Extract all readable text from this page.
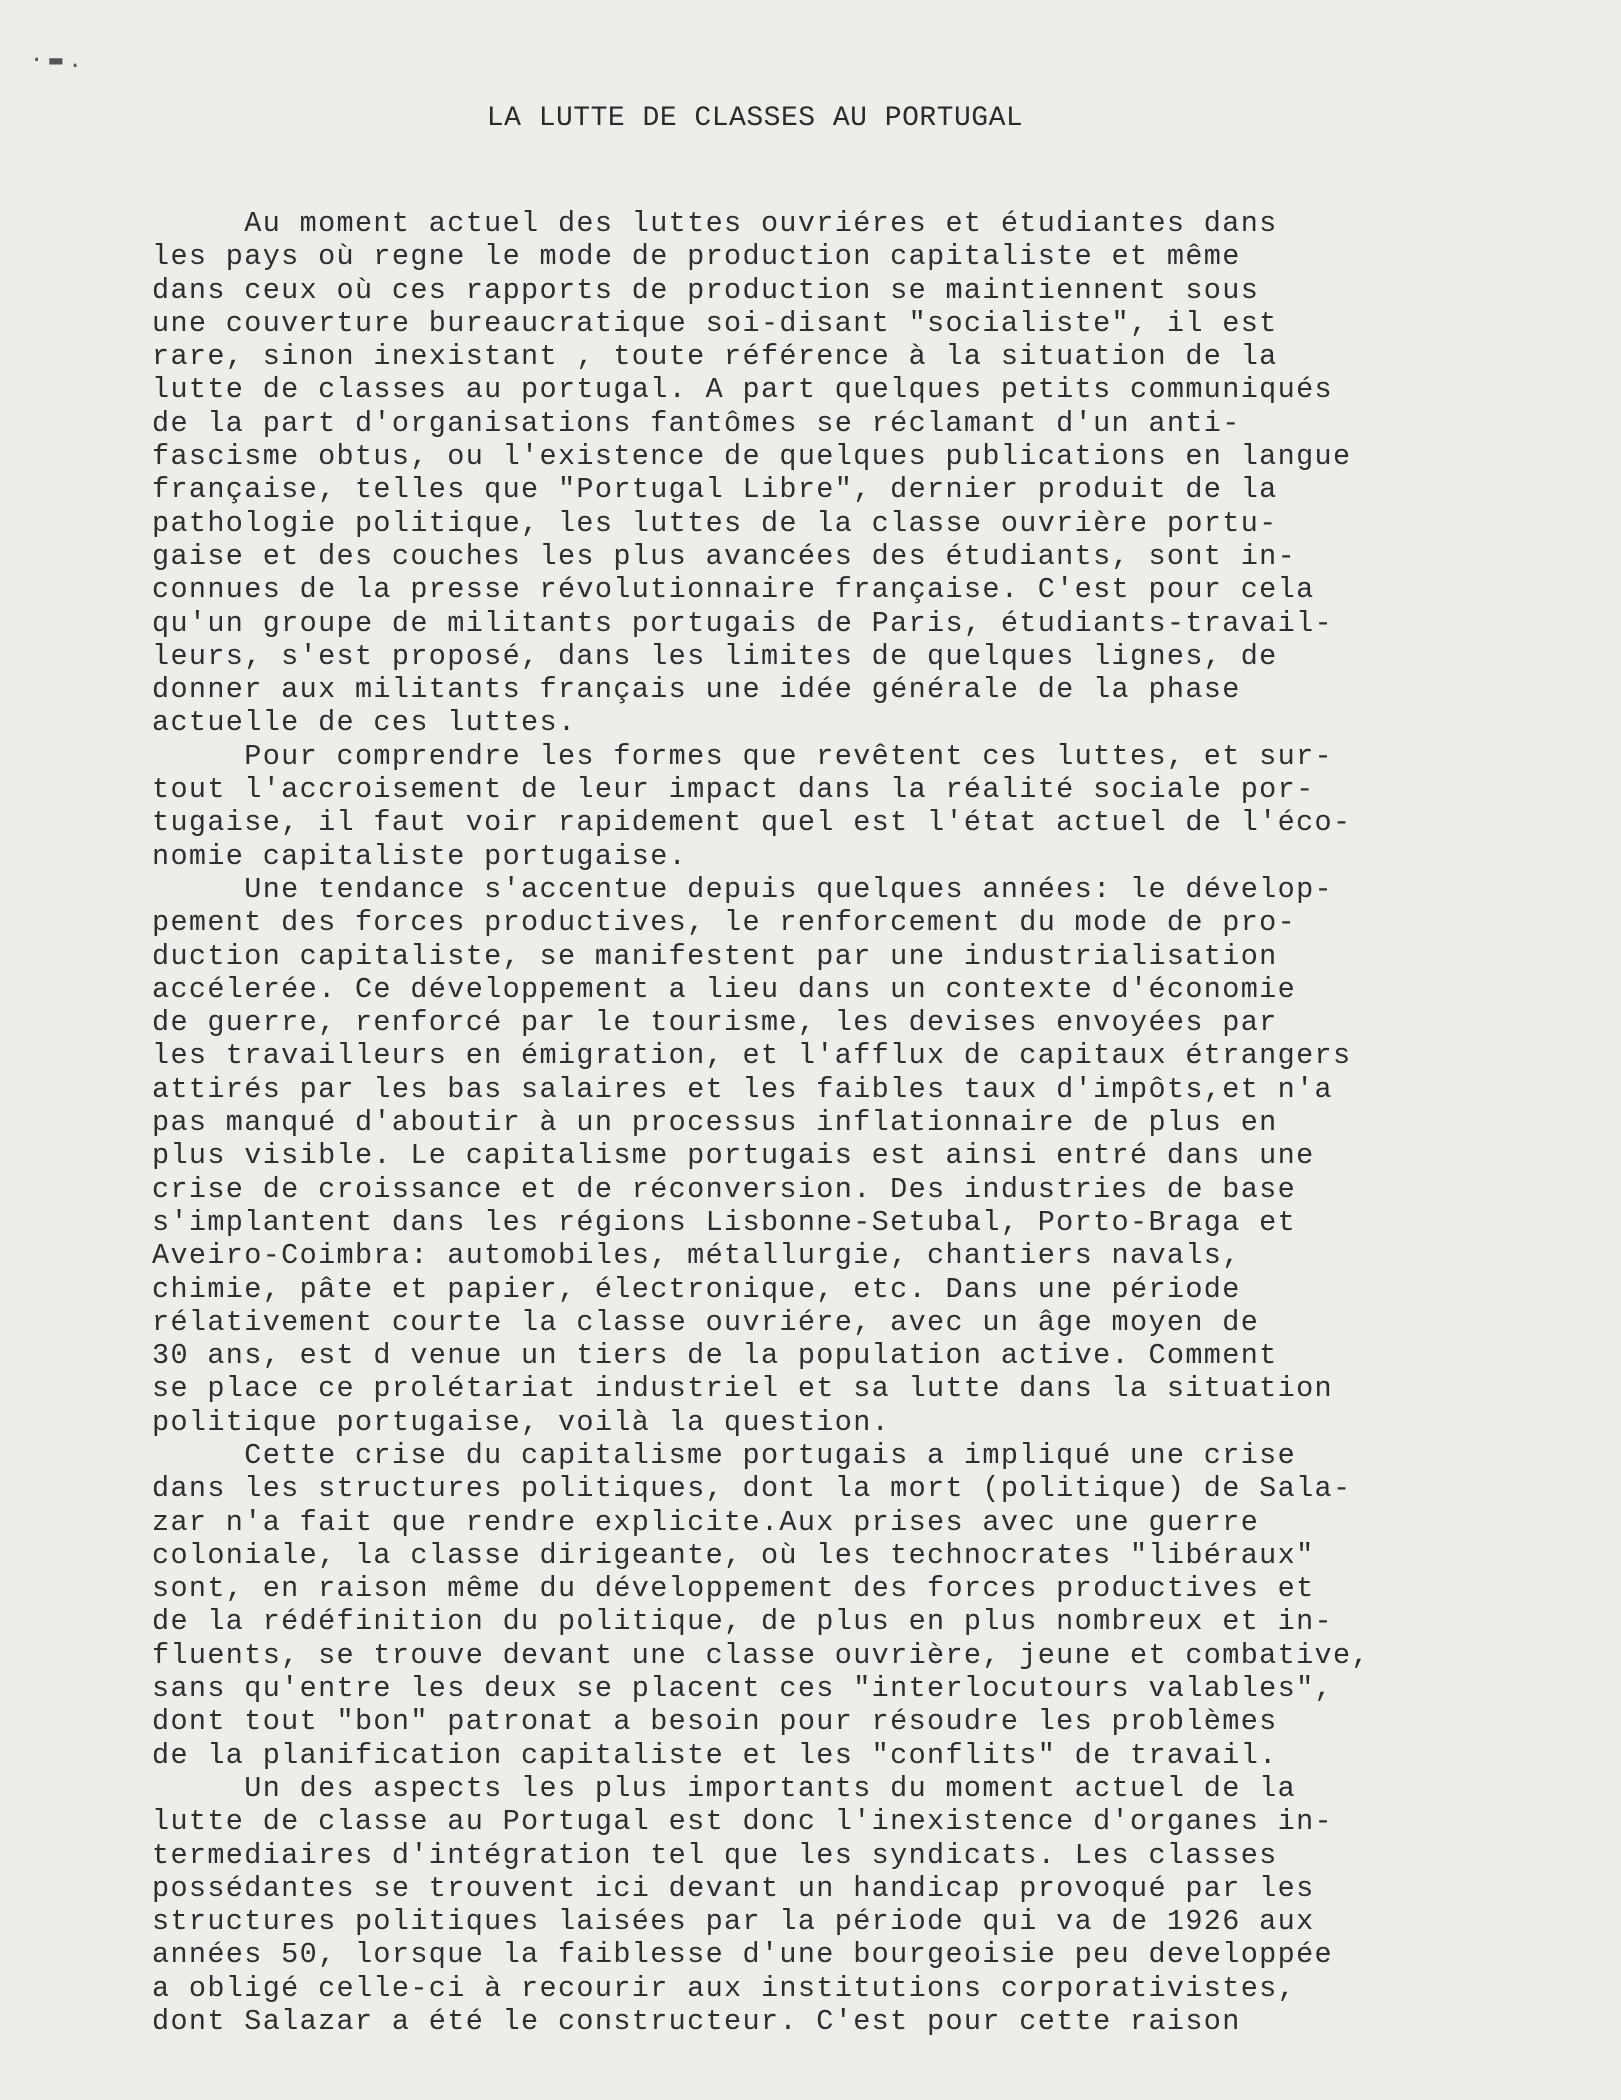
·▬.
LA LUTTE DE CLASSES AU PORTUGAL
Au moment actuel des luttes ouvriéres et étudiantes dans
les pays où regne le mode de production capitaliste et même
dans ceux où ces rapports de production se maintiennent sous
une couverture bureaucratique soi-disant "socialiste", il est
rare, sinon inexistant , toute référence à la situation de la
lutte de classes au portugal. A part quelques petits communiqués
de la part d'organisations fantômes se réclamant d'un anti-
fascisme obtus, ou l'existence de quelques publications en langue
française, telles que "Portugal Libre", dernier produit de la
pathologie politique, les luttes de la classe ouvrière portu-
gaise et des couches les plus avancées des étudiants, sont in-
connues de la presse révolutionnaire française. C'est pour cela
qu'un groupe de militants portugais de Paris, étudiants-travail-
leurs, s'est proposé, dans les limites de quelques lignes, de
donner aux militants français une idée générale de la phase
actuelle de ces luttes.
Pour comprendre les formes que revêtent ces luttes, et sur-
tout l'accroisement de leur impact dans la réalité sociale por-
tugaise, il faut voir rapidement quel est l'état actuel de l'éco-
nomie capitaliste portugaise.
Une tendance s'accentue depuis quelques années: le dévelop-
pement des forces productives, le renforcement du mode de pro-
duction capitaliste, se manifestent par une industrialisation
accélerée. Ce développement a lieu dans un contexte d'économie
de guerre, renforcé par le tourisme, les devises envoyées par
les travailleurs en émigration, et l'afflux de capitaux étrangers
attirés par les bas salaires et les faibles taux d'impôts,et n'a
pas manqué d'aboutir à un processus inflationnaire de plus en
plus visible. Le capitalisme portugais est ainsi entré dans une
crise de croissance et de réconversion. Des industries de base
s'implantent dans les régions Lisbonne-Setubal, Porto-Braga et
Aveiro-Coimbra: automobiles, métallurgie, chantiers navals,
chimie, pâte et papier, électronique, etc. Dans une période
rélativement courte la classe ouvriére, avec un âge moyen de
30 ans, est d venue un tiers de la population active. Comment
se place ce prolétariat industriel et sa lutte dans la situation
politique portugaise, voilà la question.
Cette crise du capitalisme portugais a impliqué une crise
dans les structures politiques, dont la mort (politique) de Sala-
zar n'a fait que rendre explicite.Aux prises avec une guerre
coloniale, la classe dirigeante, où les technocrates "libéraux"
sont, en raison même du développement des forces productives et
de la rédéfinition du politique, de plus en plus nombreux et in-
fluents, se trouve devant une classe ouvrière, jeune et combative,
sans qu'entre les deux se placent ces "interlocutours valables",
dont tout "bon" patronat a besoin pour résoudre les problèmes
de la planification capitaliste et les "conflits" de travail.
Un des aspects les plus importants du moment actuel de la
lutte de classe au Portugal est donc l'inexistence d'organes in-
termediaires d'intégration tel que les syndicats. Les classes
possédantes se trouvent ici devant un handicap provoqué par les
structures politiques laisées par la période qui va de 1926 aux
années 50, lorsque la faiblesse d'une bourgeoisie peu developpée
a obligé celle-ci à recourir aux institutions corporativistes,
dont Salazar a été le constructeur. C'est pour cette raison
